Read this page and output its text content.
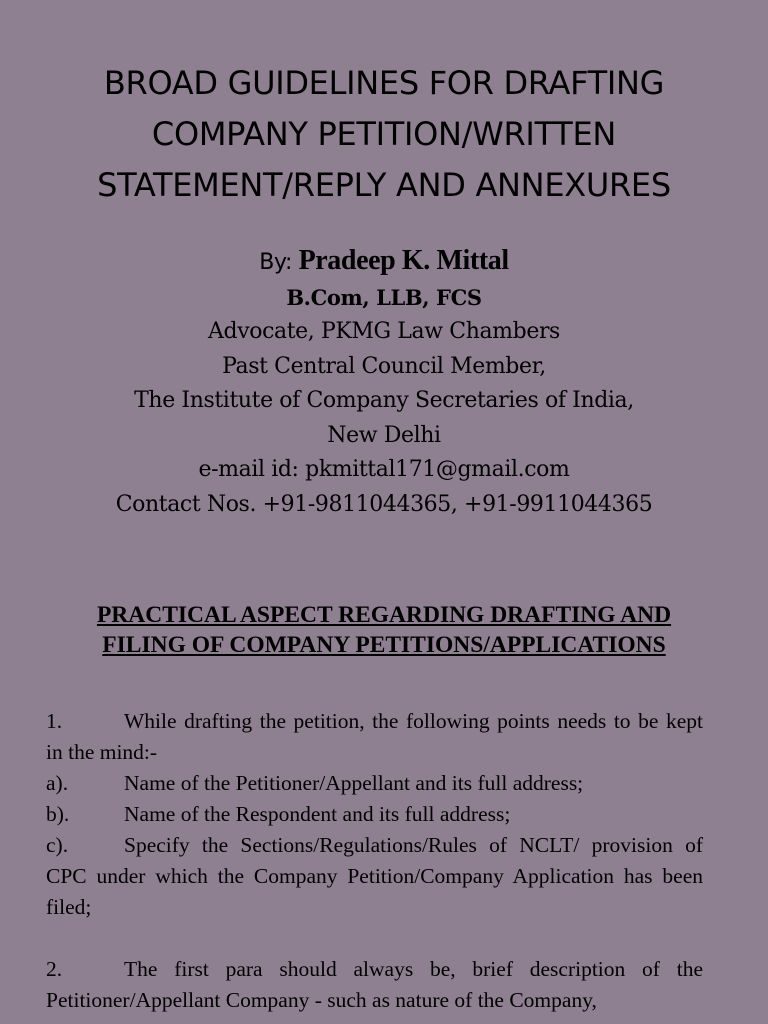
BROAD GUIDELINES FOR DRAFTING
COMPANY PETITION/WRITTEN
STATEMENT/REPLY AND ANNEXURES
By: Pradeep K. Mittal
B.Com, LLB, FCS
Advocate, PKMG Law Chambers
Past Central Council Member,
The Institute of Company Secretaries of India,
New Delhi
e-mail id: pkmittal171@gmail.com
Contact Nos. +91-9811044365, +91-9911044365
PRACTICAL ASPECT REGARDING DRAFTING AND
FILING OF COMPANY PETITIONS/APPLICATIONS
1.	While drafting the petition, the following points needs to be kept in the mind:-
a).	Name of the Petitioner/Appellant and its full address;
b).	Name of the Respondent and its full address;
c).	Specify the Sections/Regulations/Rules of NCLT/ provision of CPC under which the Company Petition/Company Application has been filed;
2.	The first para should always be, brief description of the Petitioner/Appellant Company - such as nature of the Company,
